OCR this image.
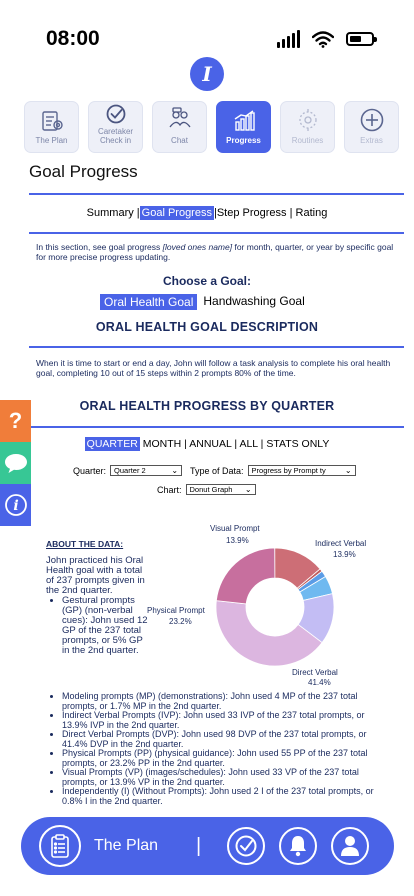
08:00
I
The Plan
Caretaker Check in	Chat	Progress	Routines	Extras
Goal Progress
Summary | Goal Progress |Step Progress | Rating
In this section, see goal progress [loved ones name] for month, quarter, or year by specific goal for more precise progress updating.
Choose a Goal:
Oral Health Goal Handwashing Goal
ORAL HEALTH GOAL DESCRIPTION
When it is time to start or end a day, John will follow a task analysis to complete his oral health goal, completing 10 out of 15 steps within 2 prompts 80% of the time.
ORAL HEALTH PROGRESS BY QUARTER
QUARTER MONTH | ANNUAL | ALL | STATS ONLY
Quarter: Quarter 2	⌄ Type of Data: Progress by Prompt ty ⌄
Chart: Donut Graph ⌄
ABOUT THE DATA:
John practiced his Oral Health goal with a total of 237 prompts given in the 2nd quarter.
• Gestural prompts (GP) (non-verbal cues): John used 12 GP of the 237 total prompts, or 5% GP in the 2nd quarter.
Visual Prompt
13.9%	Indirect Verbal
13.9%
Physical Prompt
23.2%
Direct Verbal
41.4%
• Modeling prompts (MP) (demonstrations): John used 4 MP of the 237 total prompts, or 1.7% MP in the 2nd quarter.
• Indirect Verbal Prompts (IVP): John used 33 IVP of the 237 total prompts, or 13.9% IVP in the 2nd quarter.
• Direct Verbal Prompts (DVP): John used 98 DVP of the 237 total prompts, or 41.4% DVP in the 2nd quarter.
• Physical Prompts (PP) (physical guidance): John used 55 PP of the 237 total prompts, or 23.2% PP in the 2nd quarter.
• Visual Prompts (VP) (images/schedules): John used 33 VP of the 237 total prompts, or 13.9% VP in the 2nd quarter.
• Independently (I) (Without Prompts): John used 2 I of the 237 total prompts, or 0.8% I in the 2nd quarter.
?
i
The Plan |
